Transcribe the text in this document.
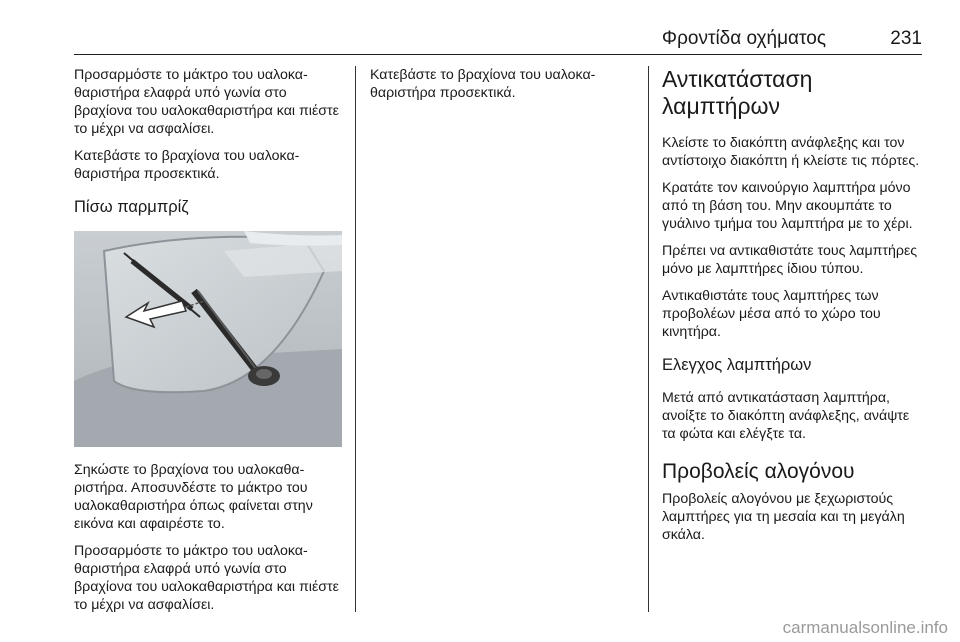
Φροντίδα οχήματος	231

Προσαρμόστε το μάκτρο του υαλοκαθαριστήρα ελαφρά υπό γωνία στο βραχίονα του υαλοκαθαριστήρα και πιέστε το μέχρι να ασφαλίσει.

Κατεβάστε το βραχίονα του υαλοκαθαριστήρα προσεκτικά.

Πίσω παρμπρίζ

Σηκώστε το βραχίονα του υαλοκαθαριστήρα. Αποσυνδέστε το μάκτρο του υαλοκαθαριστήρα όπως φαίνεται στην εικόνα και αφαιρέστε το.

Προσαρμόστε το μάκτρο του υαλοκαθαριστήρα ελαφρά υπό γωνία στο βραχίονα του υαλοκαθαριστήρα και πιέστε το μέχρι να ασφαλίσει.

Κατεβάστε το βραχίονα του υαλοκαθαριστήρα προσεκτικά.

Αντικατάσταση λαμπτήρων

Κλείστε το διακόπτη ανάφλεξης και τον αντίστοιχο διακόπτη ή κλείστε τις πόρτες.

Κρατάτε τον καινούργιο λαμπτήρα μόνο από τη βάση του. Μην ακουμπάτε το γυάλινο τμήμα του λαμπτήρα με το χέρι.

Πρέπει να αντικαθιστάτε τους λαμπτήρες μόνο με λαμπτήρες ίδιου τύπου.

Αντικαθιστάτε τους λαμπτήρες των προβολέων μέσα από το χώρο του κινητήρα.

Ελεγχος λαμπτήρων

Μετά από αντικατάσταση λαμπτήρα, ανοίξτε το διακόπτη ανάφλεξης, ανάψτε τα φώτα και ελέγξτε τα.

Προβολείς αλογόνου

Προβολείς αλογόνου με ξεχωριστούς λαμπτήρες για τη μεσαία και τη μεγάλη σκάλα.

carmanualsonline.info
